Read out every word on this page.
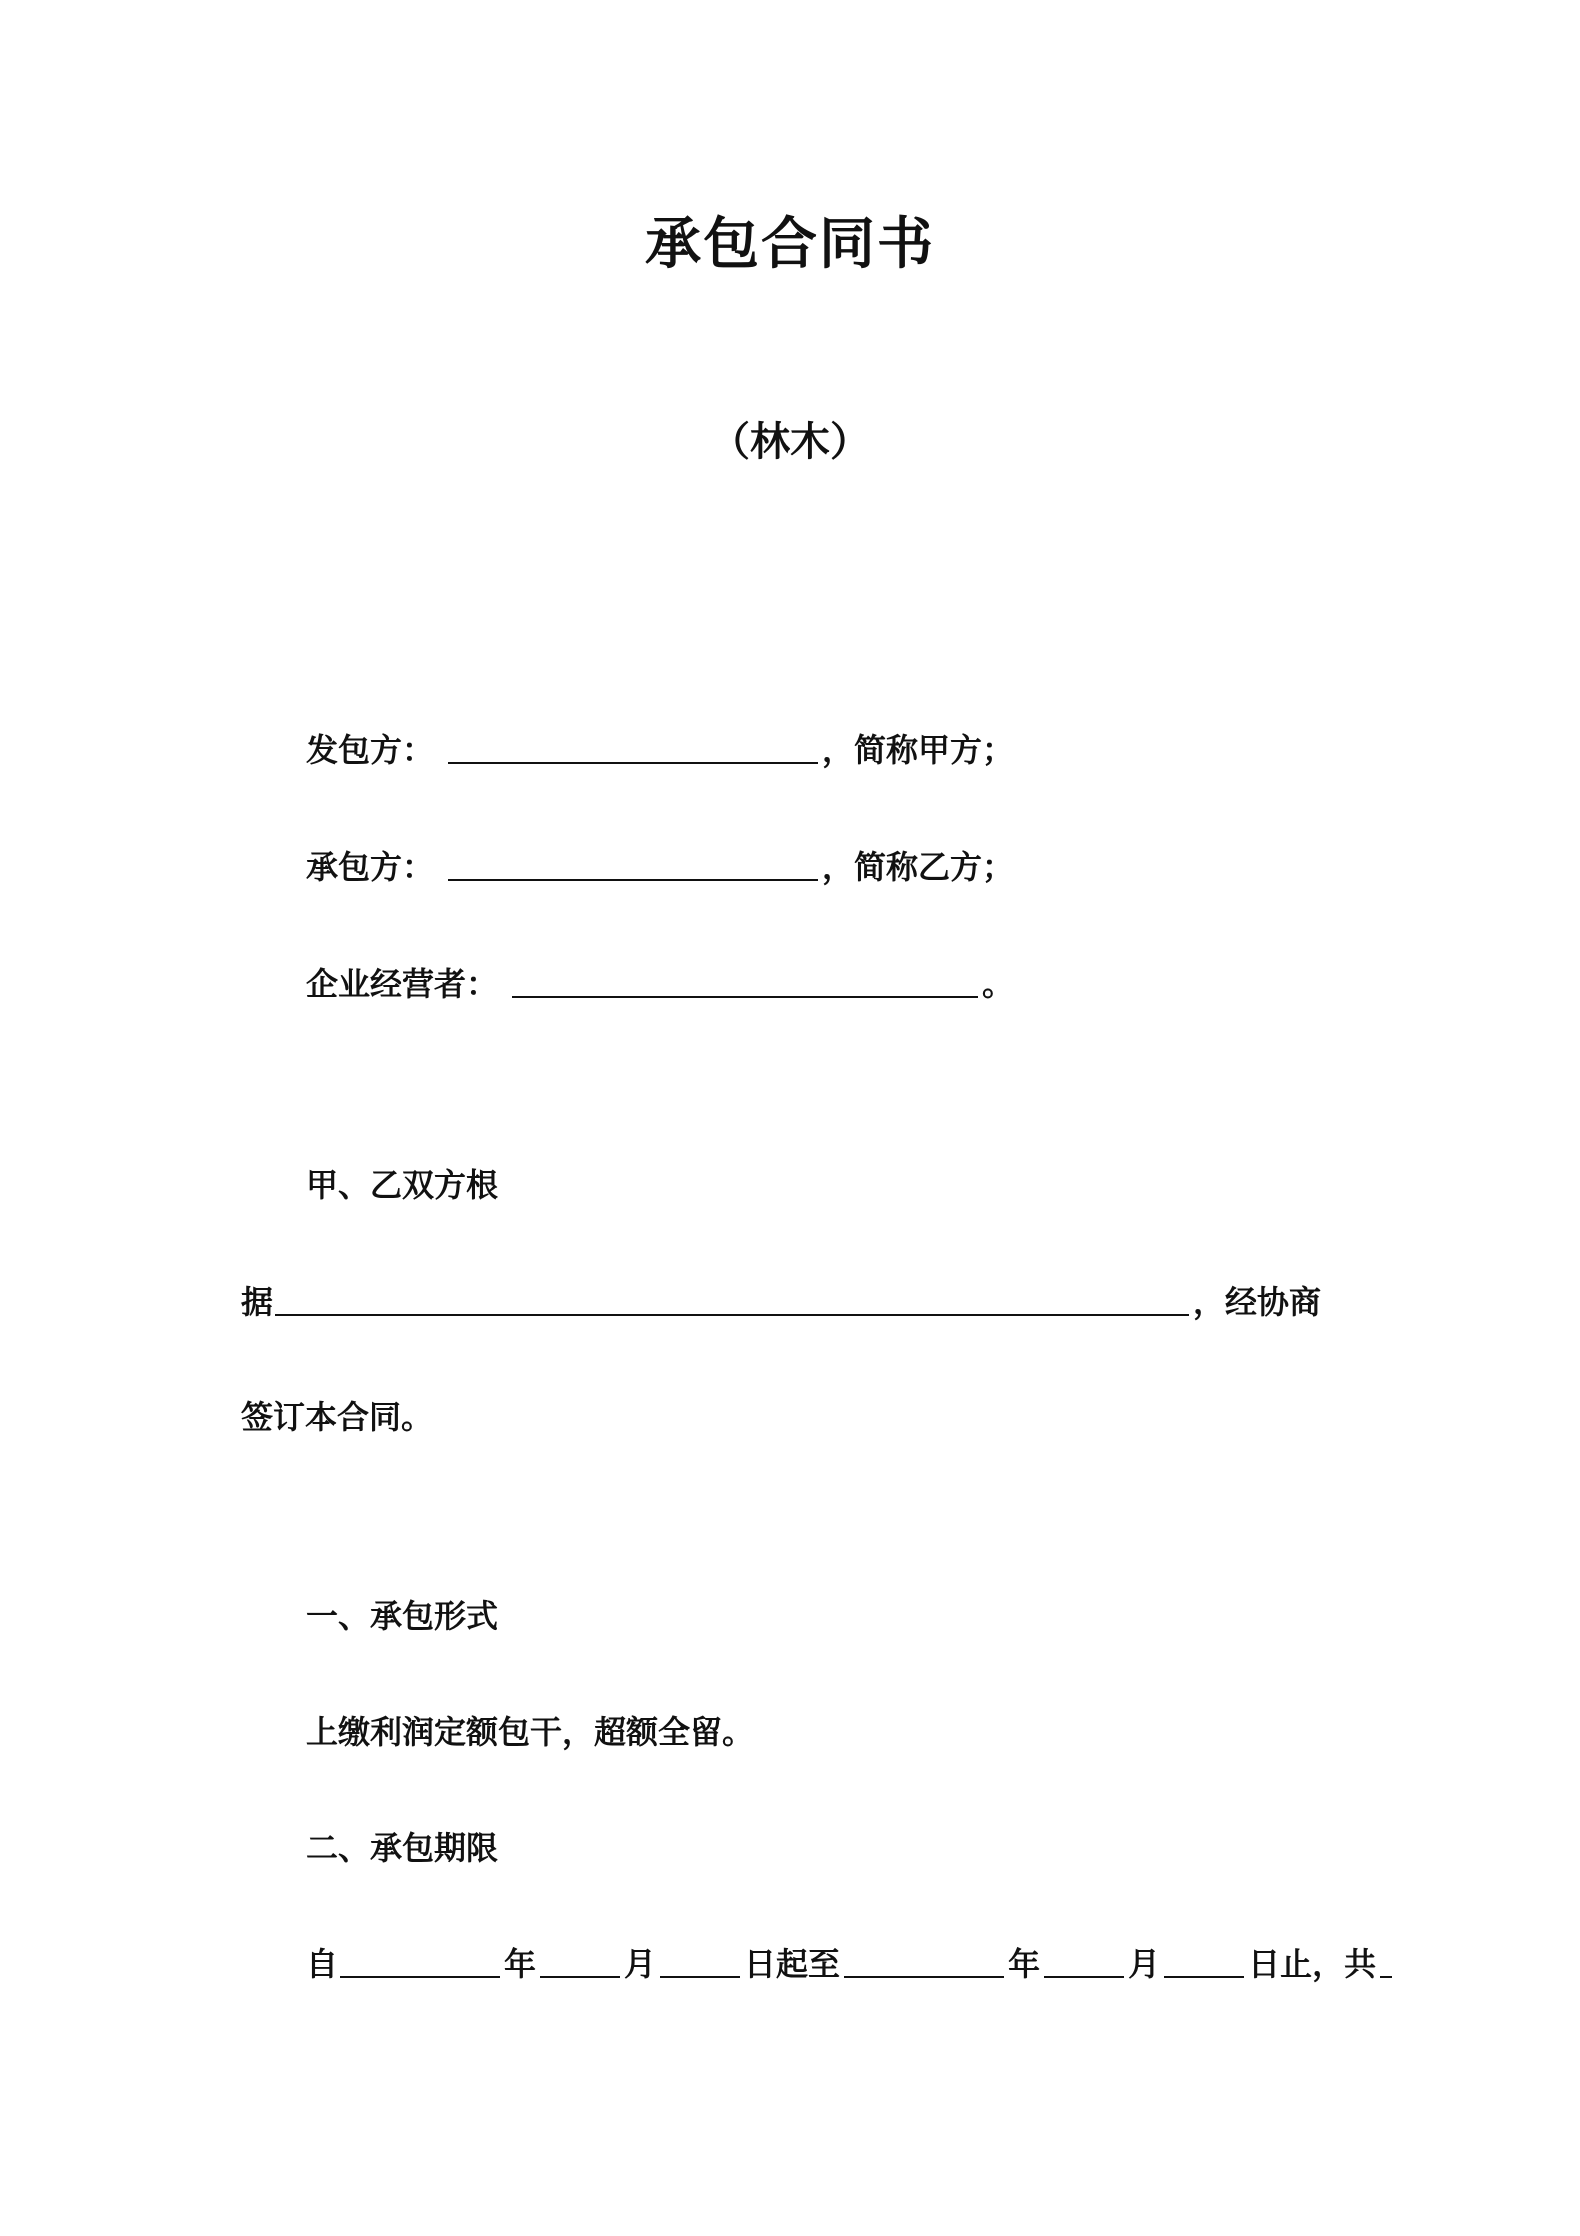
承包合同书
（林木）
发包方：	，简称甲方；
承包方：	，简称乙方；
企业经营者：	。
甲、乙双方根
据	，经协商
签订本合同。
一、承包形式
上缴利润定额包干，超额全留。
二、承包期限
自	年	月	日起至	年	月	日止，共
